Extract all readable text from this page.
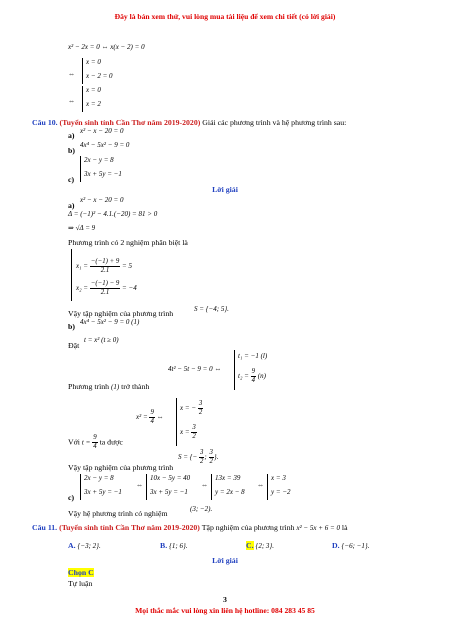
Đây là bản xem thử, vui lòng mua tài liệu để xem chi tiết (có lời giải)
x² − 2x = 0 ⇔ x(x − 2) = 0
⇔
x = 0
x − 2 = 0
⇔
x = 0
x = 2
Câu 10. (Tuyển sinh tỉnh Cần Thơ năm 2019-2020) Giải các phương trình và hệ phương trình sau:
a) x² − x − 20 = 0
b)
4x⁴ − 5x² − 9 = 0
c)
2x − y = 8
3x + 5y = −1
Lời giải
a)
x² − x − 20 = 0
Δ = (−1)² − 4.1.(−20) = 81 > 0
⇒ √Δ = 9
Phương trình có 2 nghiệm phân biệt là
$x_1 = \frac{-(-1) + 9}{2.1} = 5$
$x_2 = \frac{-(-1) - 9}{2.1} = -4$
Vậy tập nghiệm của phương trình	S = {−4; 5}.
b) 4x⁴ − 5x² − 9 = 0 (1)
Đặt
t = x² (t ≥ 0)
4t² − 5t − 9 = 0 ⇔
t₁ = −1 (l)
$t_2 = \frac{9}{4} (n)$
Phương trình (1) trở thành
$x^2 = \frac{9}{4}$ ⇔
x = − $\frac{3}{2}$
$x = \frac{3}{2}$
Với $t = \frac{9}{4}$ ta được
S = {− $\frac{3}{2}$ ; $\frac{3}{2}$ }.
Vậy tập nghiệm của phương trình
c)
2x − y = 8
3x + 5y = −1
⇔
10x − 5y = 40
3x + 5y = −1
⇔
13x = 39
y = 2x − 8
⇔
x = 3
y = −2
Vậy hệ phương trình có nghiệm	(3; −2).
Câu 11. (Tuyển sinh tỉnh Cần Thơ năm 2019-2020) Tập nghiệm của phương trình x² − 5x + 6 = 0 là
A. {−3; 2}.	B. {1; 6}.	C. {2; 3}.	D. {−6; −1}.
Lời giải
Chọn C
Tự luận
3
Mọi thắc mắc vui lòng xin liên hệ hotline: 084 283 45 85
